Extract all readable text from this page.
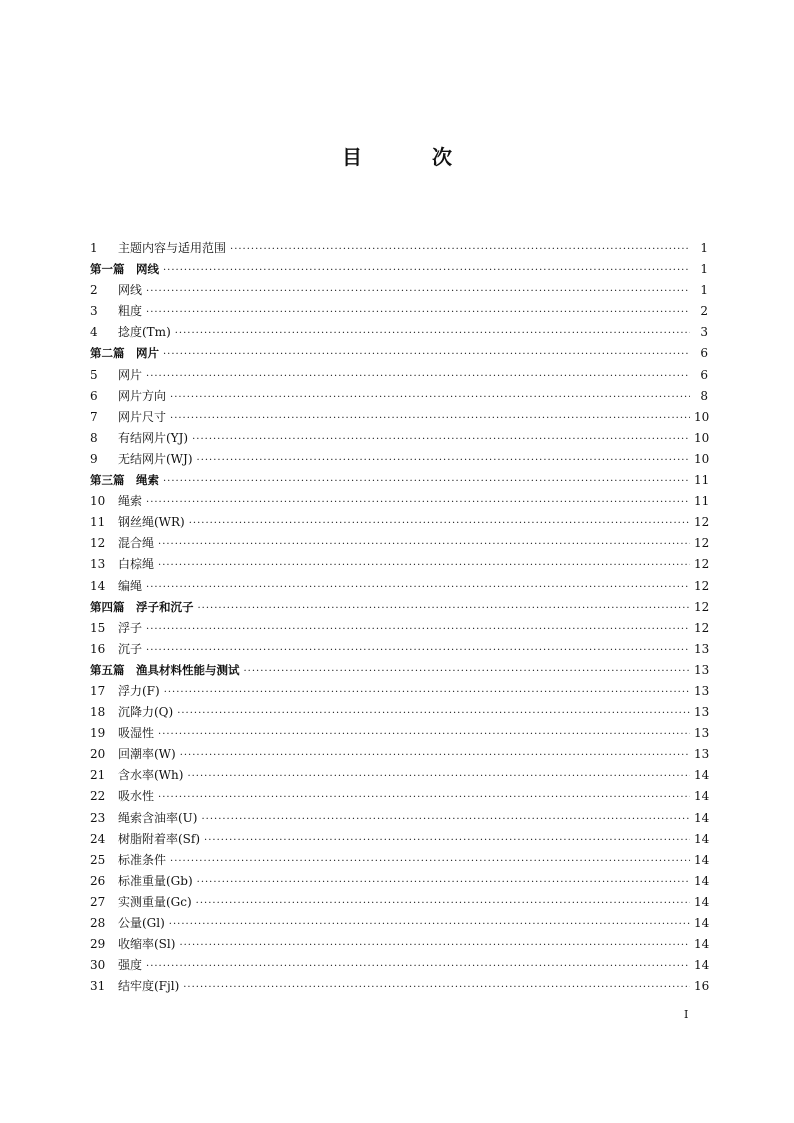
目	次
1	主题内容与适用范围 ·····	1
第一篇　网线 ·····	1
2	网线 ·····	1
3	粗度 ·····	2
4	捻度(Tm) ·····	3
第二篇　网片 ·····	6
5	网片 ·····	6
6	网片方向 ·····	8
7	网片尺寸 ·····	10
8	有结网片(YJ) ·····	10
9	无结网片(WJ) ·····	10
第三篇　绳索 ·····	11
10	绳索 ·····	11
11	钢丝绳(WR) ·····	12
12	混合绳 ·····	12
13	白棕绳 ·····	12
14	编绳 ·····	12
第四篇　浮子和沉子 ·····	12
15	浮子 ·····	12
16	沉子 ·····	13
第五篇　渔具材料性能与测试 ·····	13
17	浮力(F) ·····	13
18	沉降力(Q) ·····	13
19	吸湿性 ·····	13
20	回潮率(W) ·····	13
21	含水率(Wh) ·····	14
22	吸水性 ·····	14
23	绳索含油率(U) ·····	14
24	树脂附着率(Sf) ·····	14
25	标准条件 ·····	14
26	标准重量(Gb) ·····	14
27	实测重量(Gc) ·····	14
28	公量(Gl) ·····	14
29	收缩率(Sl) ·····	14
30	强度 ·····	14
31	结牢度(Fjl) ·····	16
I
